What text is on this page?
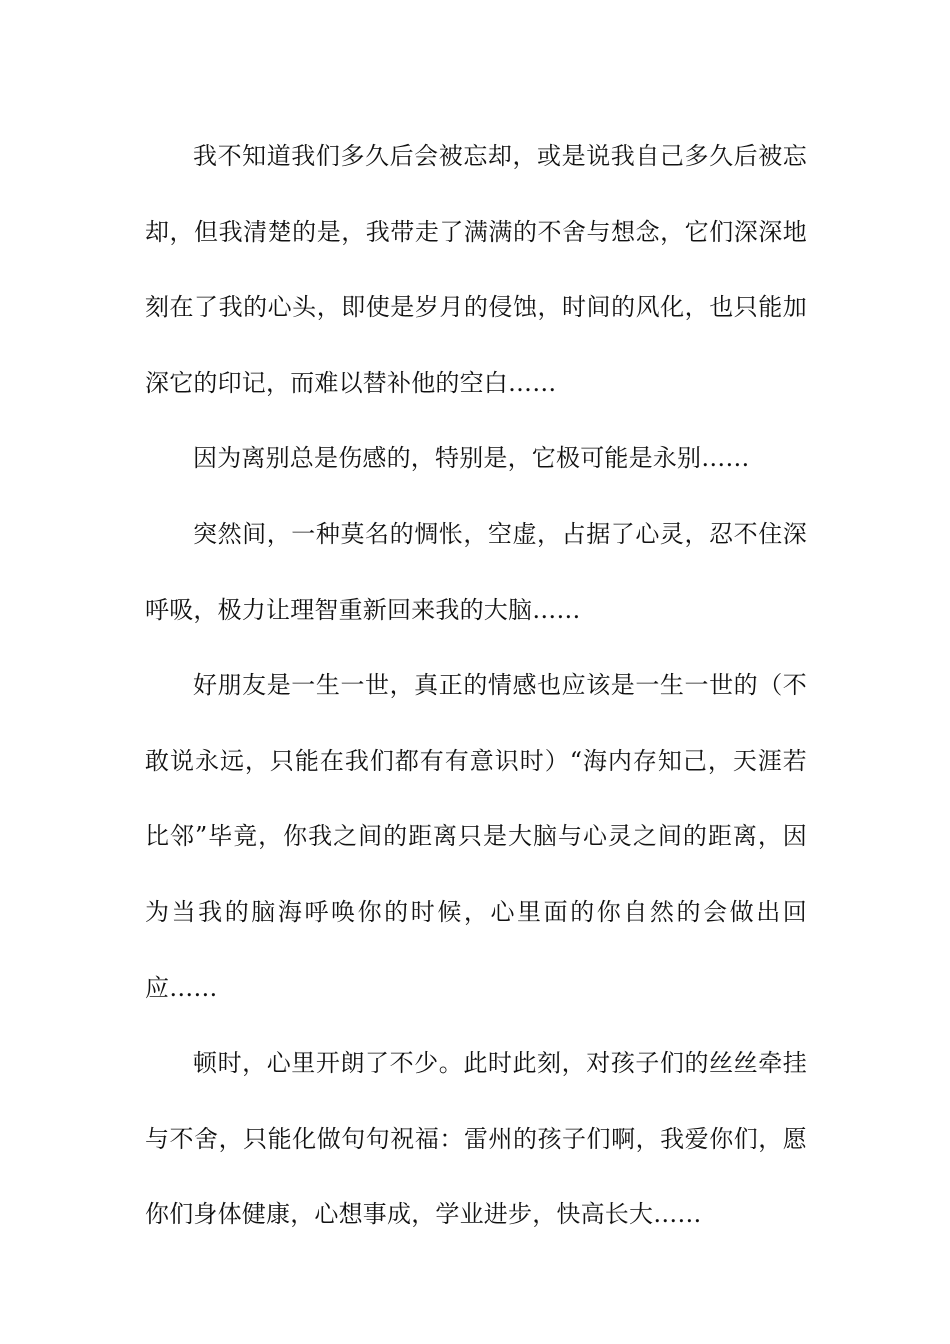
我不知道我们多久后会被忘却，或是说我自己多久后被忘却，但我清楚的是，我带走了满满的不舍与想念，它们深深地刻在了我的心头，即使是岁月的侵蚀，时间的风化，也只能加深它的印记，而难以替补他的空白……

因为离别总是伤感的，特别是，它极可能是永别……

突然间，一种莫名的惆怅，空虚，占据了心灵，忍不住深呼吸，极力让理智重新回来我的大脑……

好朋友是一生一世，真正的情感也应该是一生一世的（不敢说永远，只能在我们都有有意识时）“海内存知己，天涯若比邻”毕竟，你我之间的距离只是大脑与心灵之间的距离，因为当我的脑海呼唤你的时候，心里面的你自然的会做出回应……

顿时，心里开朗了不少。此时此刻，对孩子们的丝丝牵挂与不舍，只能化做句句祝福：雷州的孩子们啊，我爱你们，愿你们身体健康，心想事成，学业进步，快高长大……
